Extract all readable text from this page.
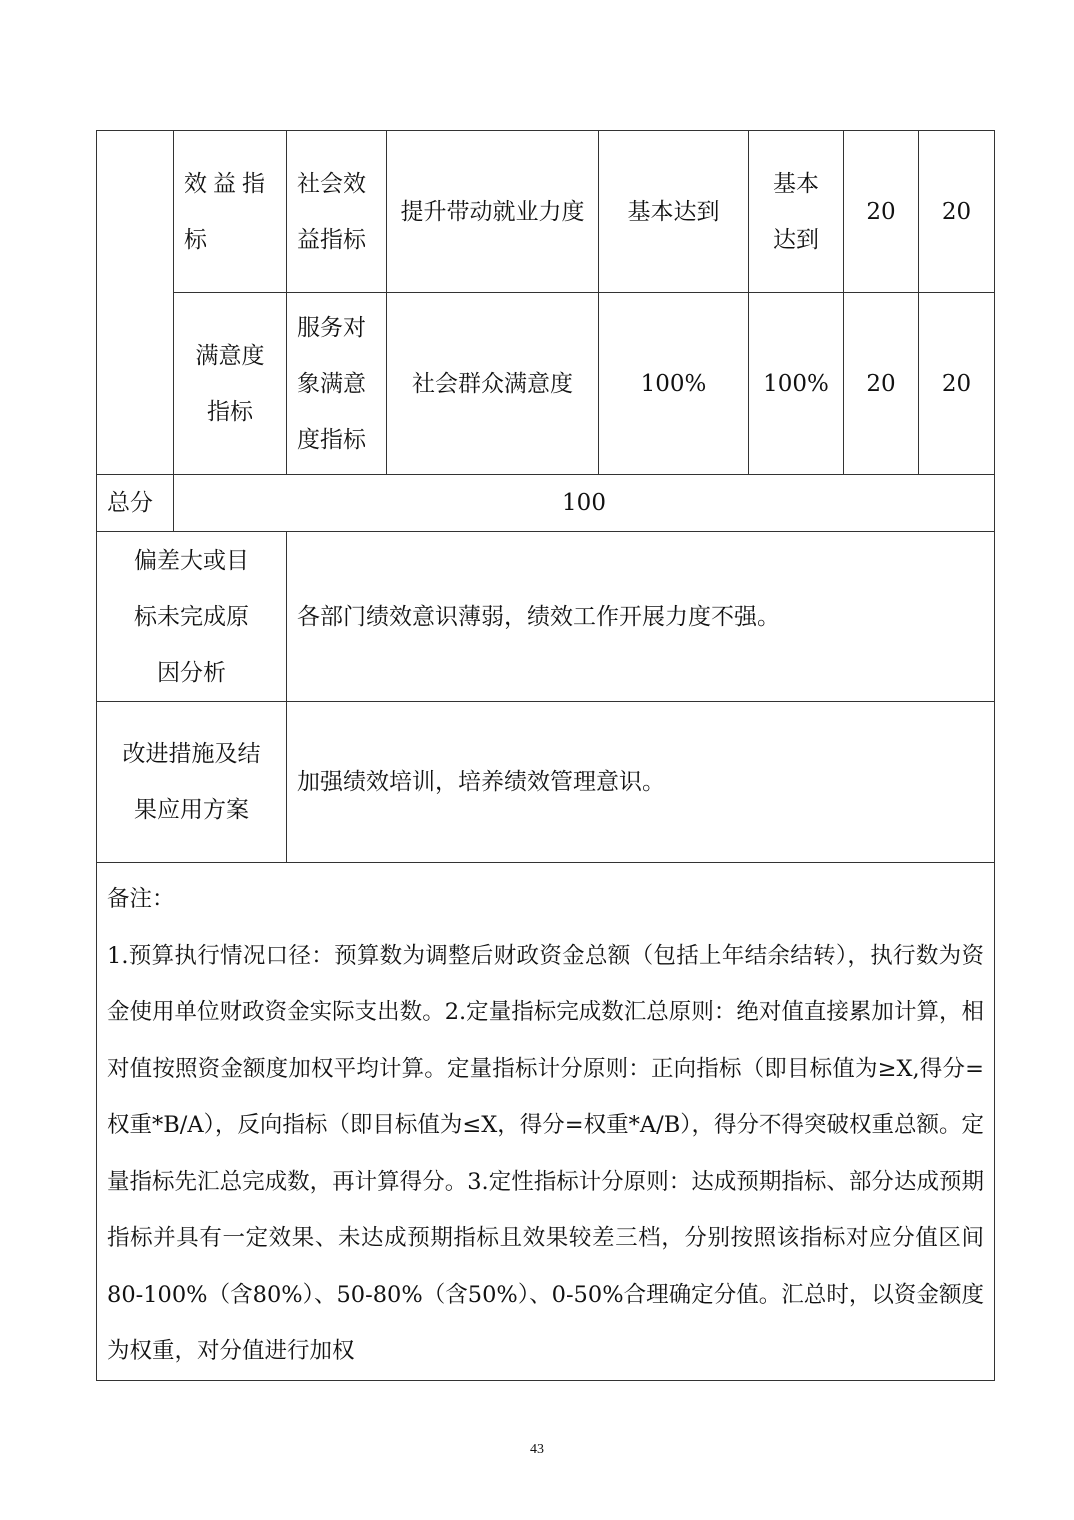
	效益指标	社会效益指标	提升带动就业力度	基本达到	基本达到	20	20
	满意度指标	服务对象满意度指标	社会群众满意度	100%	100%	20	20
总分	100						
偏差大或目标未完成原因分析		各部门绩效意识薄弱，绩效工作开展力度不强。					
改进措施及结果应用方案		加强绩效培训，培养绩效管理意识。					

备注：
1.预算执行情况口径：预算数为调整后财政资金总额（包括上年结余结转），执行数为资金使用单位财政资金实际支出数。2.定量指标完成数汇总原则：绝对值直接累加计算，相对值按照资金额度加权平均计算。定量指标计分原则：正向指标（即目标值为≥X,得分=权重*B/A），反向指标（即目标值为≤X，得分=权重*A/B），得分不得突破权重总额。定量指标先汇总完成数，再计算得分。3.定性指标计分原则：达成预期指标、部分达成预期指标并具有一定效果、未达成预期指标且效果较差三档，分别按照该指标对应分值区间80-100%（含80%）、50-80%（含50%）、0-50%合理确定分值。汇总时，以资金额度为权重，对分值进行加权							
43
